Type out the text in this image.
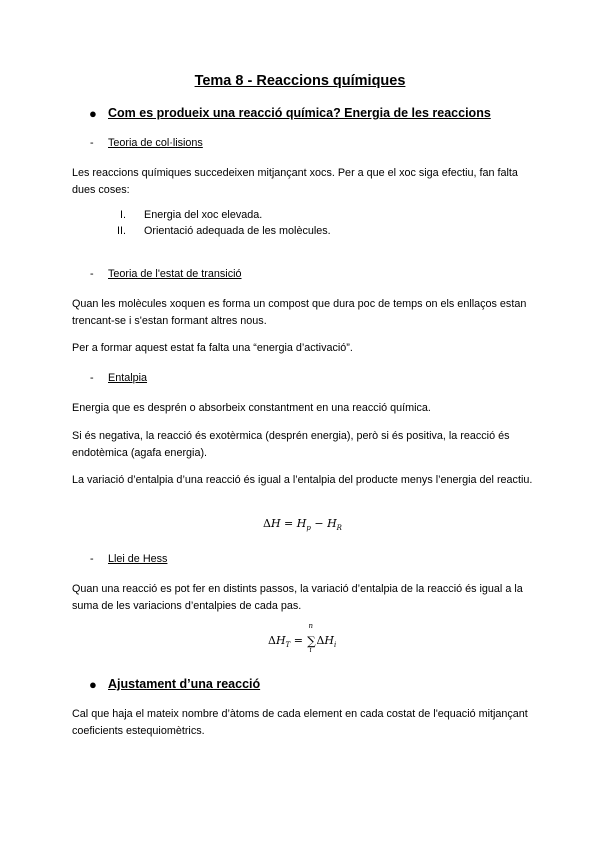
Tema 8 - Reaccions químiques
● Com es produeix una reacció química? Energia de les reaccions
- Teoria de col·lisions
Les reaccions químiques succedeixen mitjançant xocs. Per a que el xoc siga efectiu, fan falta dues coses:
I. Energia del xoc elevada.
II. Orientació adequada de les molècules.
- Teoria de l'estat de transició
Quan les molècules xoquen es forma un compost que dura poc de temps on els enllaços estan trencant-se i s'estan formant altres nous.
Per a formar aquest estat fa falta una “energia d’activació”.
- Entalpia
Energia que es desprén o absorbeix constantment en una reacció química.
Si és negativa, la reacció és exotèrmica (desprén energia), però si és positiva, la reacció és endotèmica (agafa energia).
La variació d’entalpia d’una reacció és igual a l’entalpia del producte menys l’energia del reactiu.
$\Delta H = H_p - H_R$
- Llei de Hess
Quan una reacció es pot fer en distints passos, la variació d’entalpia de la reacció és igual a la suma de les variacions d’entalpies de cada pas.
$\Delta H_T$ =
n
∑
i
$\Delta H_i$
● Ajustament d’una reacció
Cal que haja el mateix nombre d’àtoms de cada element en cada costat de l'equació mitjançant coeficients estequiomètrics.
